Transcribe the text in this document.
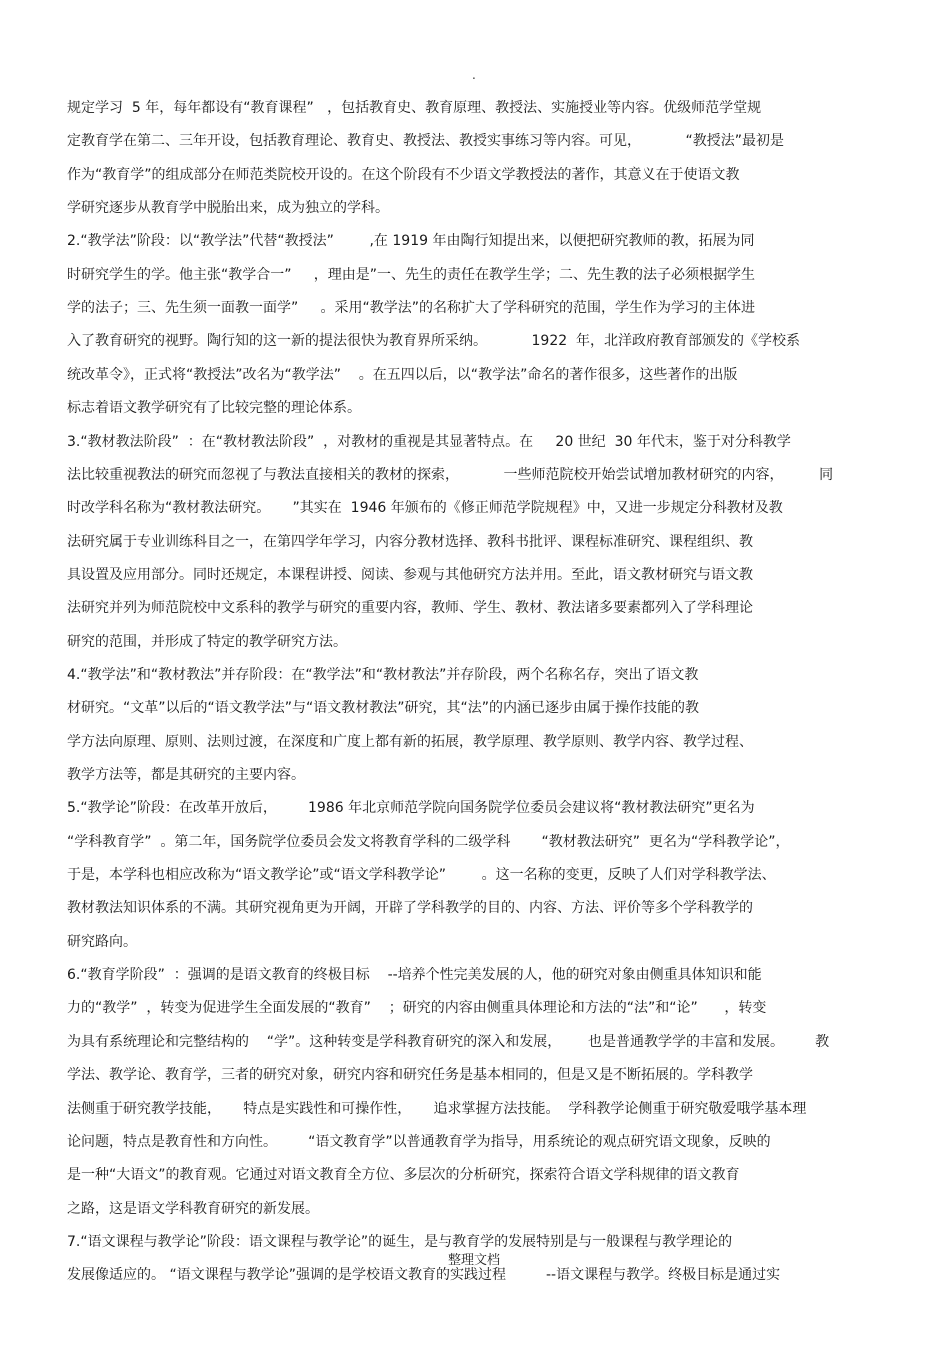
.
规定学习  5 年，每年都设有“教育课程”   ，包括教育史、教育原理、教授法、实施授业等内容。优级师范学堂规
定教育学在第二、三年开设，包括教育理论、教育史、教授法、教授实事练习等内容。可见，          “教授法”最初是
作为“教育学”的组成部分在师范类院校开设的。在这个阶段有不少语文学教授法的著作，其意义在于使语文教
学研究逐步从教育学中脱胎出来，成为独立的学科。
2.“教学法”阶段：以“教学法”代替“教授法”        ,在 1919 年由陶行知提出来，以便把研究教师的教，拓展为同
时研究学生的学。他主张“教学合一”     ，理由是”一、先生的责任在教学生学；二、先生教的法子必须根据学生
学的法子；三、先生须一面教一面学”     。采用“教学法”的名称扩大了学科研究的范围，学生作为学习的主体进
入了教育研究的视野。陶行知的这一新的提法很快为教育界所采纳。          1922  年，北洋政府教育部颁发的《学校系
统改革令》，正式将“教授法”改名为“教学法”    。在五四以后，以“教学法”命名的著作很多，这些著作的出版
标志着语文教学研究有了比较完整的理论体系。
3.“教材教法阶段”  ：在“教材教法阶段”  ，对教材的重视是其显著特点。在     20 世纪  30 年代末，鉴于对分科教学
法比较重视教法的研究而忽视了与教法直接相关的教材的探索，          一些师范院校开始尝试增加教材研究的内容，        同
时改学科名称为“教材教法研究。     ”其实在  1946 年颁布的《修正师范学院规程》中，又进一步规定分科教材及教
法研究属于专业训练科目之一，在第四学年学习，内容分教材选择、教科书批评、课程标准研究、课程组织、教
具设置及应用部分。同时还规定，本课程讲授、阅读、参观与其他研究方法并用。至此，语文教材研究与语文教
法研究并列为师范院校中文系科的教学与研究的重要内容，教师、学生、教材、教法诸多要素都列入了学科理论
研究的范围，并形成了特定的教学研究方法。
4.“教学法”和“教材教法”并存阶段：在“教学法”和“教材教法”并存阶段，两个名称名存，突出了语文教
材研究。“文革”以后的“语文教学法”与“语文教材教法”研究，其“法”的内涵已逐步由属于操作技能的教
学方法向原理、原则、法则过渡，在深度和广度上都有新的拓展，教学原理、教学原则、教学内容、教学过程、
教学方法等，都是其研究的主要内容。
5.“教学论”阶段：在改革开放后，       1986 年北京师范学院向国务院学位委员会建议将“教材教法研究”更名为
“学科教育学”  。第二年，国务院学位委员会发文将教育学科的二级学科       “教材教法研究”  更名为“学科教学论”，
于是，本学科也相应改称为“语文教学论”或“语文学科教学论”        。这一名称的变更，反映了人们对学科教学法、
教材教法知识体系的不满。其研究视角更为开阔，开辟了学科教学的目的、内容、方法、评价等多个学科教学的
研究路向。
6.“教育学阶段”  ：强调的是语文教育的终极目标    --培养个性完美发展的人，他的研究对象由侧重具体知识和能
力的“教学”  ，转变为促进学生全面发展的“教育”    ；研究的内容由侧重具体理论和方法的“法”和“论”      ，转变
为具有系统理论和完整结构的    “学”。这种转变是学科教育研究的深入和发展，      也是普通教学学的丰富和发展。       教
学法、教学论、教育学，三者的研究对象，研究内容和研究任务是基本相同的，但是又是不断拓展的。学科教学
法侧重于研究教学技能，     特点是实践性和可操作性，     追求掌握方法技能。  学科教学论侧重于研究敬爱哦学基本理
论问题，特点是教育性和方向性。       “语文教育学”以普通教育学为指导，用系统论的观点研究语文现象，反映的
是一种“大语文”的教育观。它通过对语文教育全方位、多层次的分析研究，探索符合语文学科规律的语文教育
之路，这是语文学科教育研究的新发展。
7.“语文课程与教学论”阶段：语文课程与教学论”的诞生，是与教育学的发展特别是与一般课程与教学理论的
发展像适应的。 “语文课程与教学论”强调的是学校语文教育的实践过程         --语文课程与教学。终极目标是通过实
整理文档
